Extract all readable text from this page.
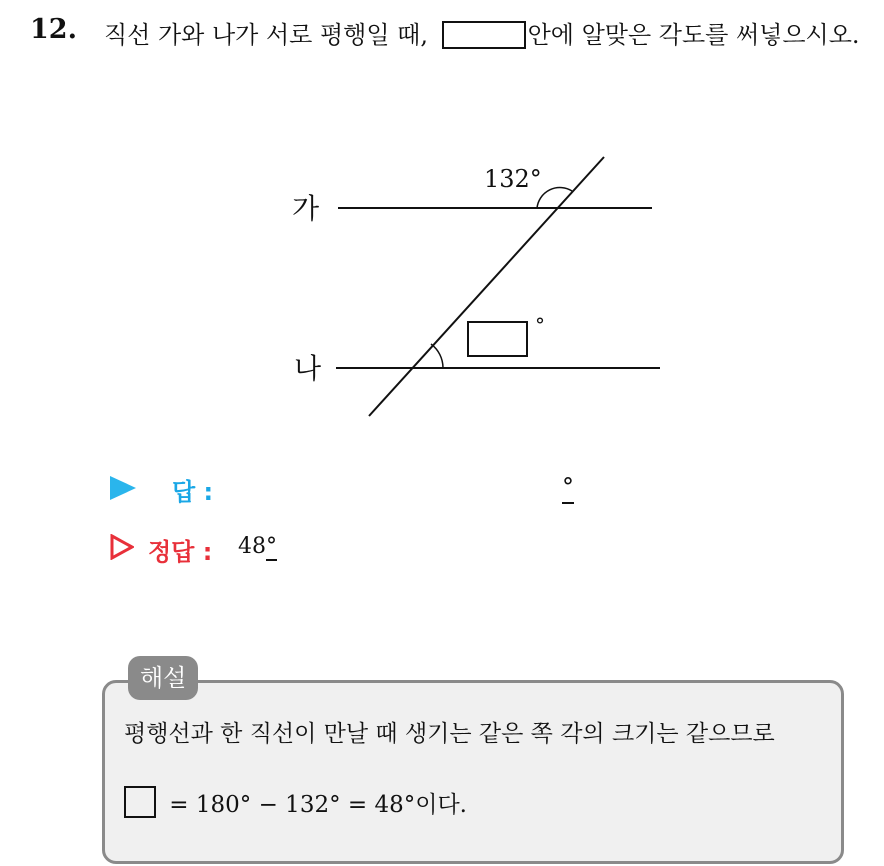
12. 직선 가와 나가 서로 평행일 때,	안에 알맞은 각도를 써넣으시오.
132°
가
나
°
답 :	°
정답 : 48°
해설
평행선과 한 직선이 만날 때 생기는 같은 쪽 각의 크기는 같으므로
= 180° − 132° = 48°이다.
